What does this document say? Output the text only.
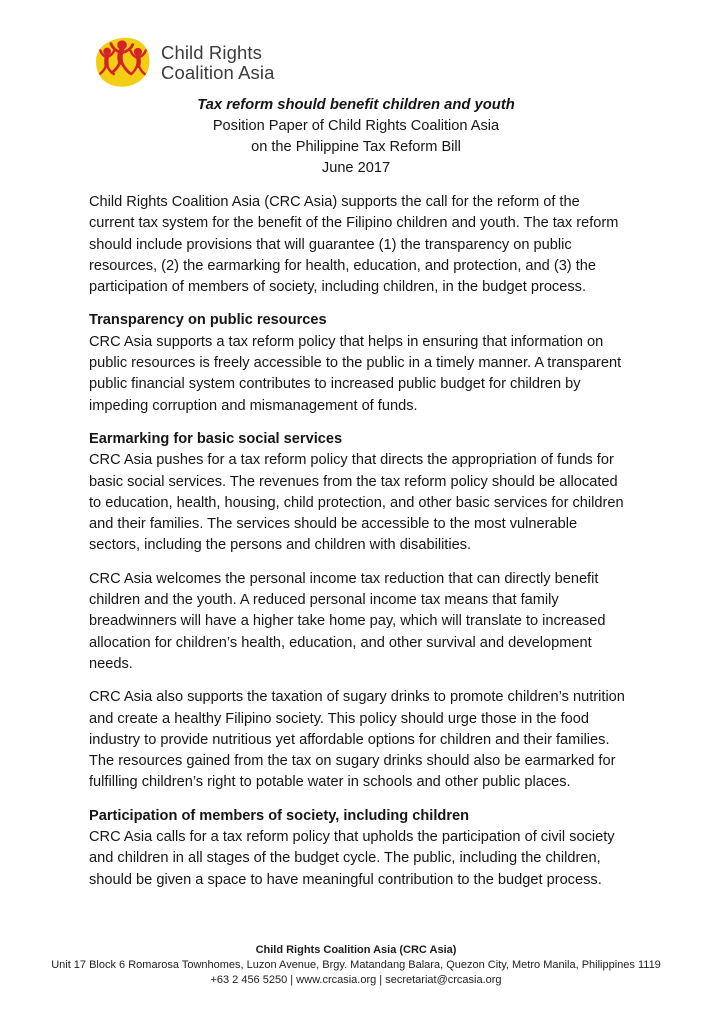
Child Rights
Coalition Asia

Tax reform should benefit children and youth

Position Paper of Child Rights Coalition Asia

on the Philippine Tax Reform Bill

June 2017

Child Rights Coalition Asia (CRC Asia) supports the call for the reform of the current tax system for the benefit of the Filipino children and youth. The tax reform should include provisions that will guarantee (1) the transparency on public resources, (2) the earmarking for health, education, and protection, and (3) the participation of members of society, including children, in the budget process.

Transparency on public resources

CRC Asia supports a tax reform policy that helps in ensuring that information on public resources is freely accessible to the public in a timely manner. A transparent public financial system contributes to increased public budget for children by impeding corruption and mismanagement of funds.

Earmarking for basic social services

CRC Asia pushes for a tax reform policy that directs the appropriation of funds for basic social services. The revenues from the tax reform policy should be allocated to education, health, housing, child protection, and other basic services for children and their families. The services should be accessible to the most vulnerable sectors, including the persons and children with disabilities.

CRC Asia welcomes the personal income tax reduction that can directly benefit children and the youth. A reduced personal income tax means that family breadwinners will have a higher take home pay, which will translate to increased allocation for children’s health, education, and other survival and development needs.

CRC Asia also supports the taxation of sugary drinks to promote children’s nutrition and create a healthy Filipino society. This policy should urge those in the food industry to provide nutritious yet affordable options for children and their families. The resources gained from the tax on sugary drinks should also be earmarked for fulfilling children’s right to potable water in schools and other public places.

Participation of members of society, including children

CRC Asia calls for a tax reform policy that upholds the participation of civil society and children in all stages of the budget cycle. The public, including the children, should be given a space to have meaningful contribution to the budget process.

Child Rights Coalition Asia (CRC Asia)

Unit 17 Block 6 Romarosa Townhomes, Luzon Avenue, Brgy. Matandang Balara, Quezon City, Metro Manila, Philippines 1119

+63 2 456 5250 | www.crcasia.org | secretariat@crcasia.org
